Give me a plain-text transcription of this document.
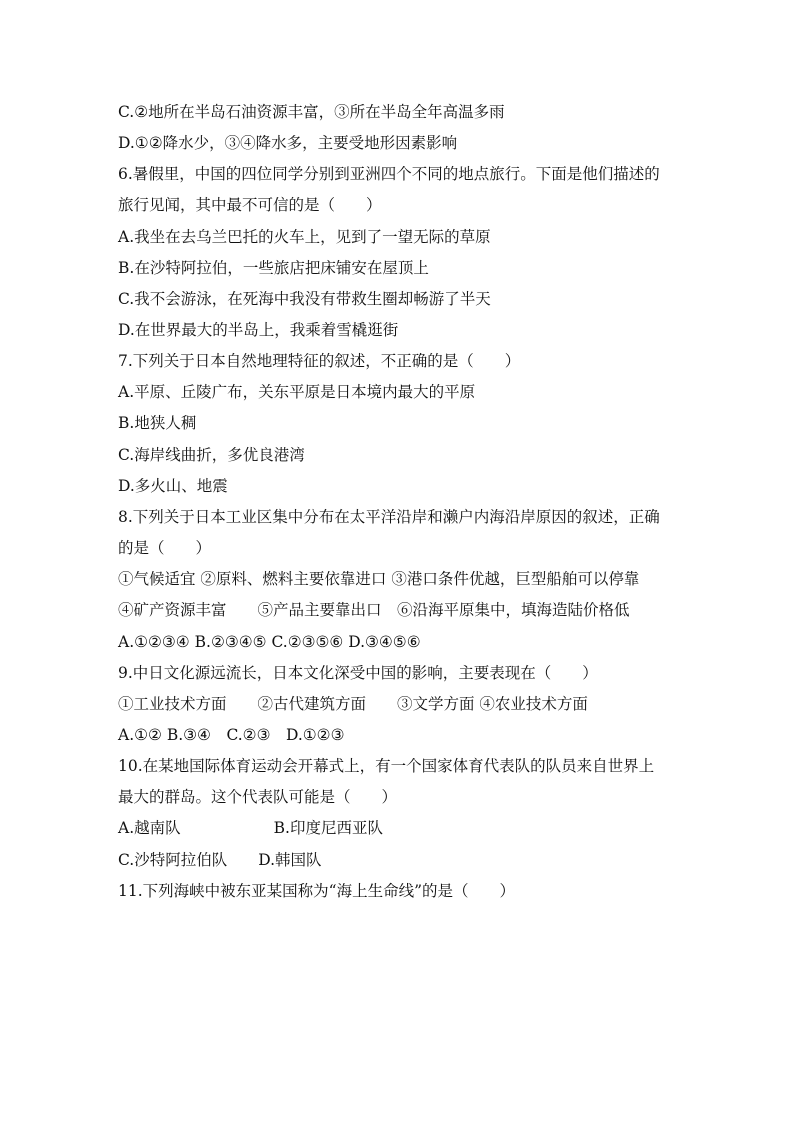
C.②地所在半岛石油资源丰富，③所在半岛全年高温多雨
D.①②降水少，③④降水多，主要受地形因素影响
6.暑假里，中国的四位同学分别到亚洲四个不同的地点旅行。下面是他们描述的
旅行见闻，其中最不可信的是（　　）
A.我坐在去乌兰巴托的火车上，见到了一望无际的草原
B.在沙特阿拉伯，一些旅店把床铺安在屋顶上
C.我不会游泳，在死海中我没有带救生圈却畅游了半天
D.在世界最大的半岛上，我乘着雪橇逛街
7.下列关于日本自然地理特征的叙述，不正确的是（　　）
A.平原、丘陵广布，关东平原是日本境内最大的平原
B.地狭人稠
C.海岸线曲折，多优良港湾
D.多火山、地震
8.下列关于日本工业区集中分布在太平洋沿岸和濑户内海沿岸原因的叙述，正确
的是（　　）
①气候适宜 ②原料、燃料主要依靠进口 ③港口条件优越，巨型船舶可以停靠
④矿产资源丰富　　⑤产品主要靠出口　⑥沿海平原集中，填海造陆价格低
A.①②③④ B.②③④⑤ C.②③⑤⑥ D.③④⑤⑥
9.中日文化源远流长，日本文化深受中国的影响，主要表现在（　　）
①工业技术方面　　②古代建筑方面　　③文学方面 ④农业技术方面
A.①② B.③④　C.②③　D.①②③
10.在某地国际体育运动会开幕式上，有一个国家体育代表队的队员来自世界上
最大的群岛。这个代表队可能是（　　）
A.越南队　　　　　　B.印度尼西亚队
C.沙特阿拉伯队　　D.韩国队
11.下列海峡中被东亚某国称为“海上生命线”的是（　　）
